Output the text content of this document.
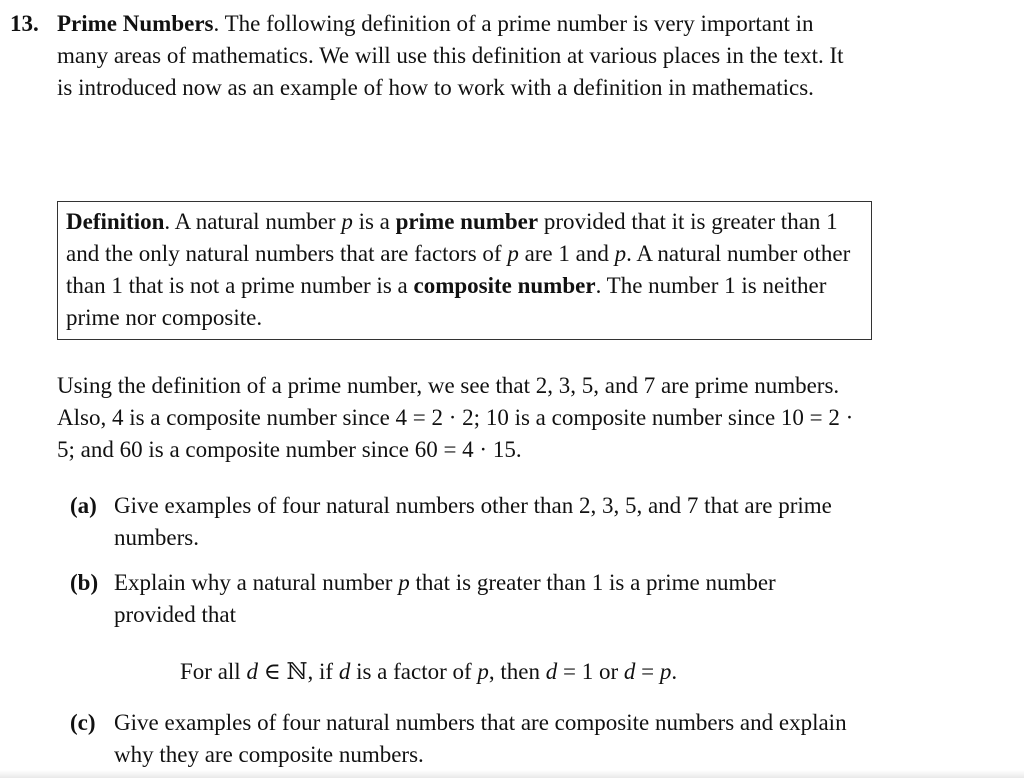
13. Prime Numbers. The following definition of a prime number is very important in many areas of mathematics. We will use this definition at various places in the text. It is introduced now as an example of how to work with a definition in mathematics.

Definition. A natural number p is a prime number provided that it is greater than 1 and the only natural numbers that are factors of p are 1 and p. A natural number other than 1 that is not a prime number is a composite number. The number 1 is neither prime nor composite.

Using the definition of a prime number, we see that 2, 3, 5, and 7 are prime numbers. Also, 4 is a composite number since 4 = 2 · 2; 10 is a composite number since 10 = 2 · 5; and 60 is a composite number since 60 = 4 · 15.

(a) Give examples of four natural numbers other than 2, 3, 5, and 7 that are prime numbers.

(b) Explain why a natural number p that is greater than 1 is a prime number provided that

For all d ∈ ℕ, if d is a factor of p, then d = 1 or d = p.

(c) Give examples of four natural numbers that are composite numbers and explain why they are composite numbers.
